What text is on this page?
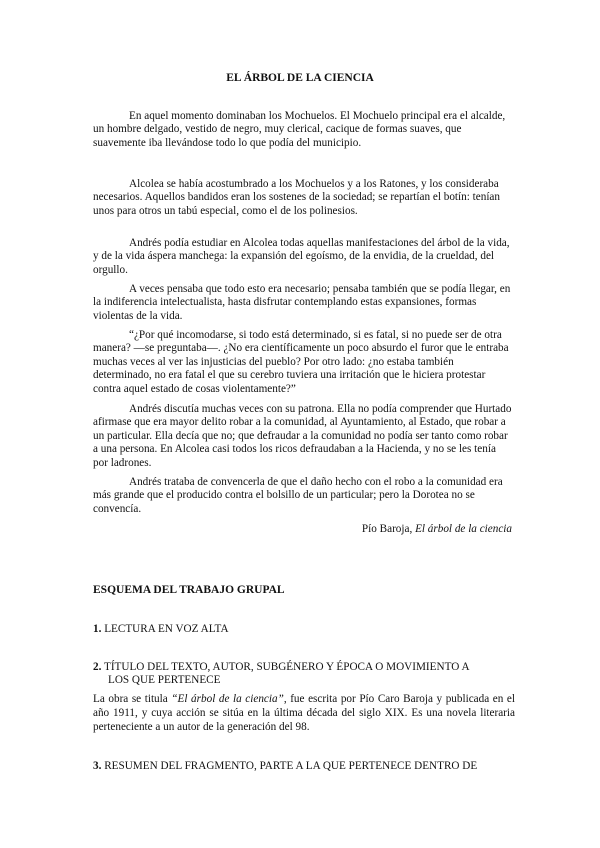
EL ÁRBOL DE LA CIENCIA

En aquel momento dominaban los Mochuelos. El Mochuelo principal era el alcalde, un hombre delgado, vestido de negro, muy clerical, cacique de formas suaves, que suavemente iba llevándose todo lo que podía del municipio.

Alcolea se había acostumbrado a los Mochuelos y a los Ratones, y los consideraba necesarios. Aquellos bandidos eran los sostenes de la sociedad; se repartían el botín: tenían unos para otros un tabú especial, como el de los polinesios.

Andrés podía estudiar en Alcolea todas aquellas manifestaciones del árbol de la vida, y de la vida áspera manchega: la expansión del egoísmo, de la envidia, de la crueldad, del orgullo.

A veces pensaba que todo esto era necesario; pensaba también que se podía llegar, en la indiferencia intelectualista, hasta disfrutar contemplando estas expansiones, formas violentas de la vida.

“¿Por qué incomodarse, si todo está determinado, si es fatal, si no puede ser de otra manera? —se preguntaba—. ¿No era científicamente un poco absurdo el furor que le entraba muchas veces al ver las injusticias del pueblo? Por otro lado: ¿no estaba también determinado, no era fatal el que su cerebro tuviera una irritación que le hiciera protestar contra aquel estado de cosas violentamente?”

Andrés discutía muchas veces con su patrona. Ella no podía comprender que Hurtado afirmase que era mayor delito robar a la comunidad, al Ayuntamiento, al Estado, que robar a un particular. Ella decía que no; que defraudar a la comunidad no podía ser tanto como robar a una persona. En Alcolea casi todos los ricos defraudaban a la Hacienda, y no se les tenía por ladrones.

Andrés trataba de convencerla de que el daño hecho con el robo a la comunidad era más grande que el producido contra el bolsillo de un particular; pero la Dorotea no se convencía.

Pío Baroja, El árbol de la ciencia
ESQUEMA DEL TRABAJO GRUPAL
1. LECTURA EN VOZ ALTA
2. TÍTULO DEL TEXTO, AUTOR, SUBGÉNERO Y ÉPOCA O MOVIMIENTO A
LOS QUE PERTENECE

La obra se titula “El árbol de la ciencia”, fue escrita por Pío Caro Baroja y publicada en el año 1911, y cuya acción se sitúa en la última década del siglo XIX. Es una novela literaria perteneciente a un autor de la generación del 98.

3. RESUMEN DEL FRAGMENTO, PARTE A LA QUE PERTENECE DENTRO DE
